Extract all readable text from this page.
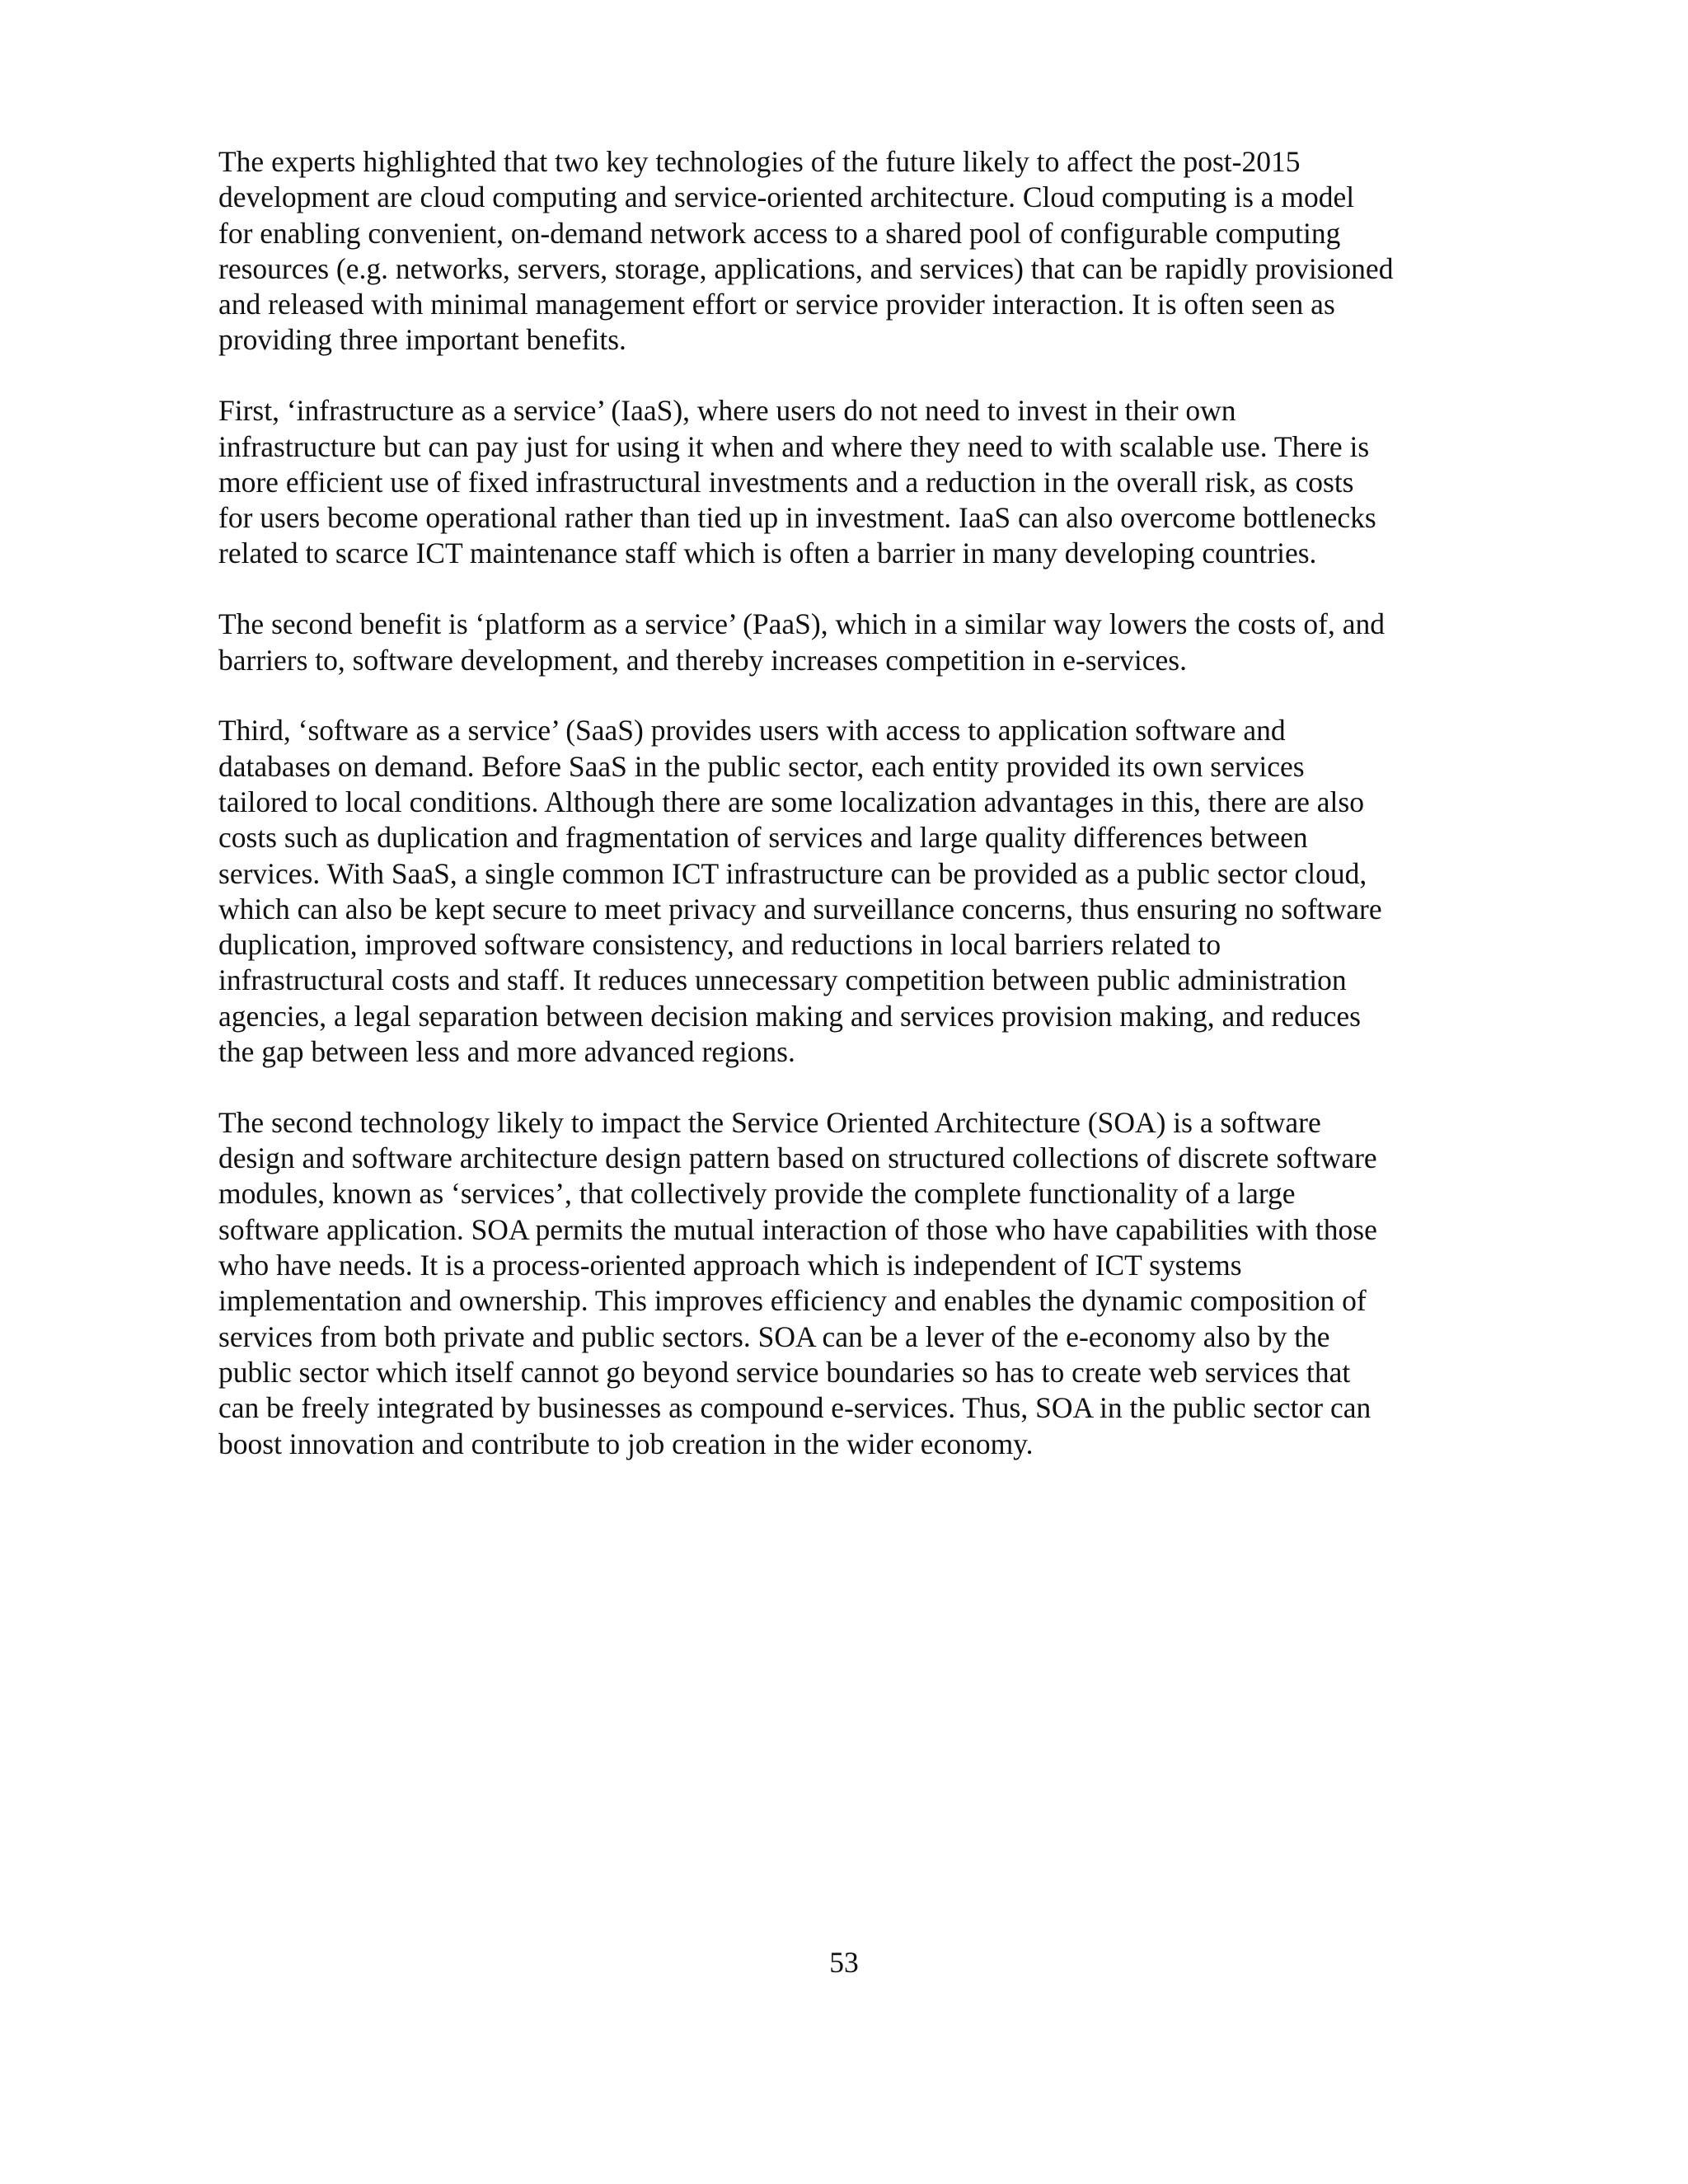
The experts highlighted that two key technologies of the future likely to affect the post-2015
development are cloud computing and service-oriented architecture. Cloud computing is a model
for enabling convenient, on-demand network access to a shared pool of configurable computing
resources (e.g. networks, servers, storage, applications, and services) that can be rapidly provisioned
and released with minimal management effort or service provider interaction. It is often seen as
providing three important benefits.

First, ‘infrastructure as a service’ (IaaS), where users do not need to invest in their own
infrastructure but can pay just for using it when and where they need to with scalable use. There is
more efficient use of fixed infrastructural investments and a reduction in the overall risk, as costs
for users become operational rather than tied up in investment. IaaS can also overcome bottlenecks
related to scarce ICT maintenance staff which is often a barrier in many developing countries.

The second benefit is ‘platform as a service’ (PaaS), which in a similar way lowers the costs of, and
barriers to, software development, and thereby increases competition in e-services.

Third, ‘software as a service’ (SaaS) provides users with access to application software and
databases on demand. Before SaaS in the public sector, each entity provided its own services
tailored to local conditions. Although there are some localization advantages in this, there are also
costs such as duplication and fragmentation of services and large quality differences between
services. With SaaS, a single common ICT infrastructure can be provided as a public sector cloud,
which can also be kept secure to meet privacy and surveillance concerns, thus ensuring no software
duplication, improved software consistency, and reductions in local barriers related to
infrastructural costs and staff. It reduces unnecessary competition between public administration
agencies, a legal separation between decision making and services provision making, and reduces
the gap between less and more advanced regions.

The second technology likely to impact the Service Oriented Architecture (SOA) is a software
design and software architecture design pattern based on structured collections of discrete software
modules, known as ‘services’, that collectively provide the complete functionality of a large
software application. SOA permits the mutual interaction of those who have capabilities with those
who have needs. It is a process-oriented approach which is independent of ICT systems
implementation and ownership. This improves efficiency and enables the dynamic composition of
services from both private and public sectors. SOA can be a lever of the e-economy also by the
public sector which itself cannot go beyond service boundaries so has to create web services that
can be freely integrated by businesses as compound e-services. Thus, SOA in the public sector can
boost innovation and contribute to job creation in the wider economy.

53
